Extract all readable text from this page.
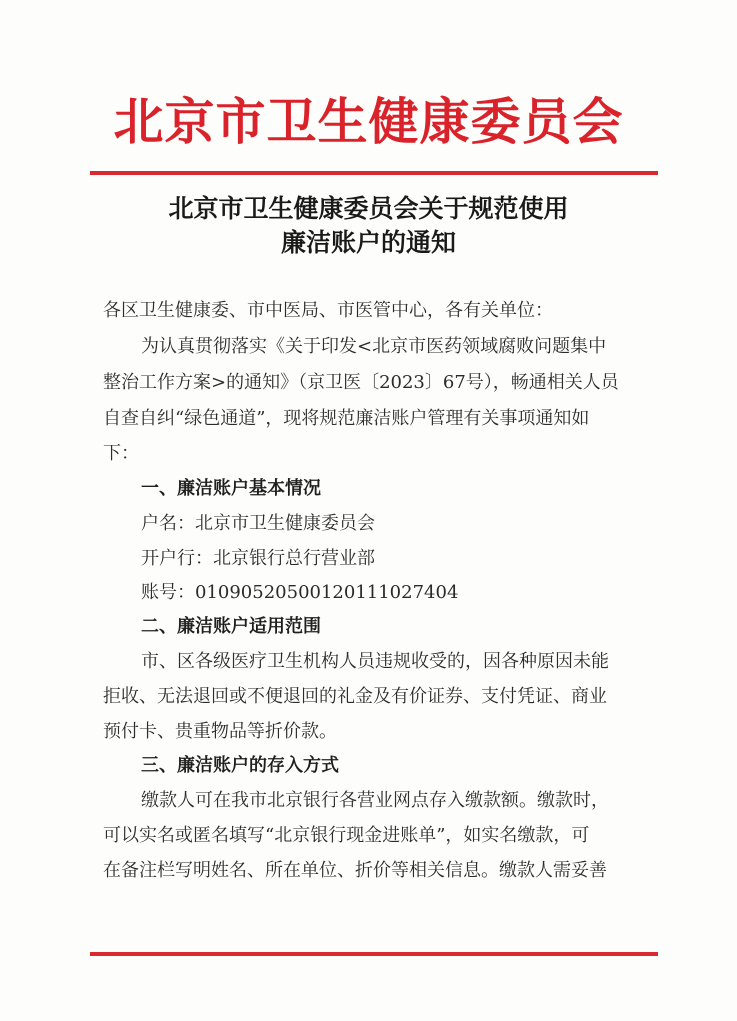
北京市卫生健康委员会
北京市卫生健康委员会关于规范使用
廉洁账户的通知
各区卫生健康委、市中医局、市医管中心，各有关单位：
为认真贯彻落实《关于印发<北京市医药领域腐败问题集中
整治工作方案>的通知》（京卫医〔2023〕67号），畅通相关人员
自查自纠“绿色通道”，现将规范廉洁账户管理有关事项通知如
下：
一、廉洁账户基本情况
户名：北京市卫生健康委员会
开户行：北京银行总行营业部
账号：01090520500120111027404
二、廉洁账户适用范围
市、区各级医疗卫生机构人员违规收受的，因各种原因未能
拒收、无法退回或不便退回的礼金及有价证券、支付凭证、商业
预付卡、贵重物品等折价款。
三、廉洁账户的存入方式
缴款人可在我市北京银行各营业网点存入缴款额。缴款时，
可以实名或匿名填写“北京银行现金进账单”，如实名缴款，可
在备注栏写明姓名、所在单位、折价等相关信息。缴款人需妥善
